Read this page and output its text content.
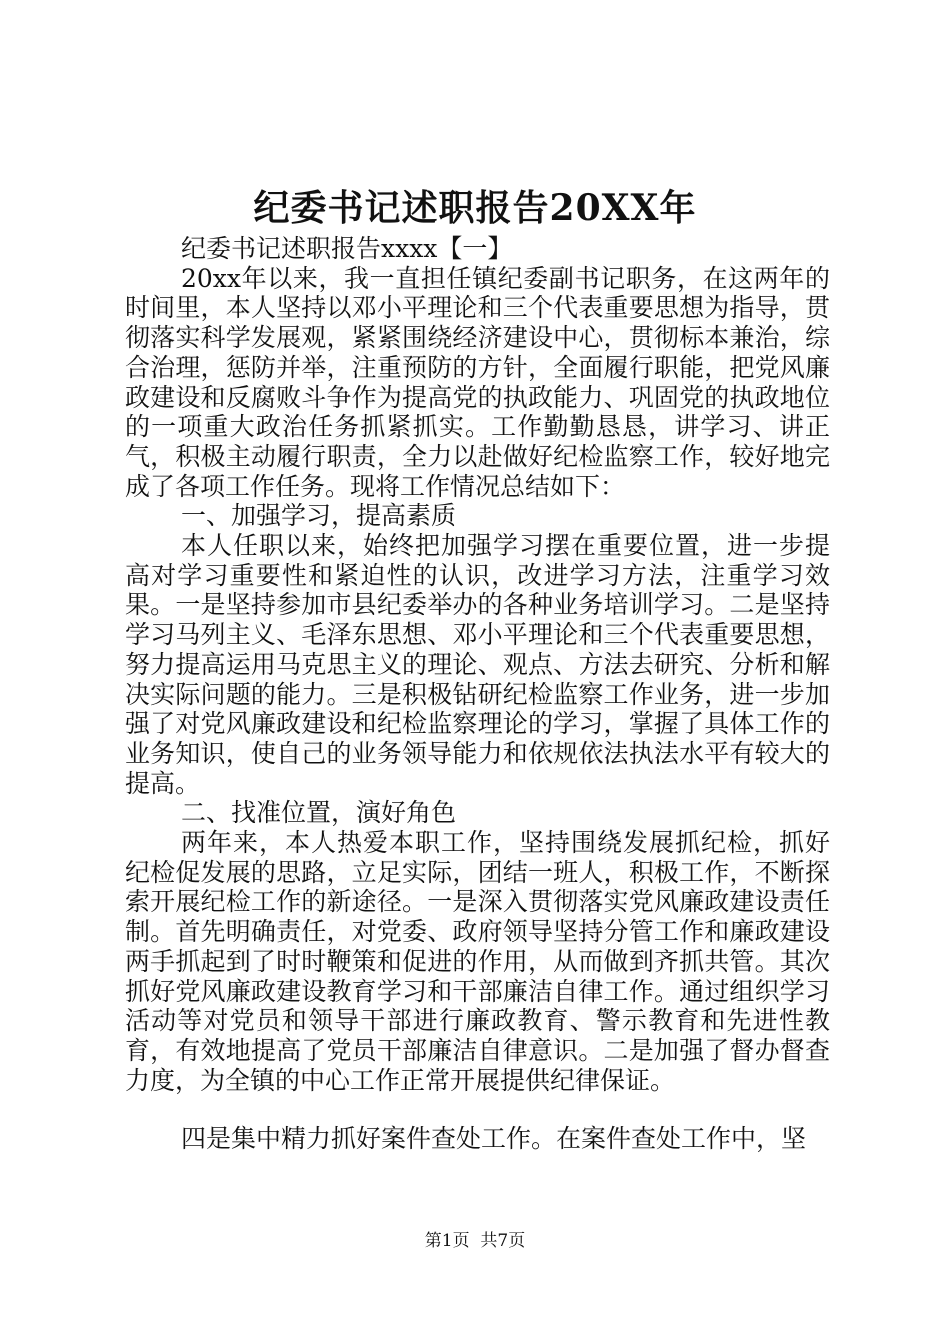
纪委书记述职报告20XX年

纪委书记述职报告xxxx【一】

20xx年以来，我一直担任镇纪委副书记职务，在这两年的时间里，本人坚持以邓小平理论和三个代表重要思想为指导，贯彻落实科学发展观，紧紧围绕经济建设中心，贯彻标本兼治，综合治理，惩防并举，注重预防的方针，全面履行职能，把党风廉政建设和反腐败斗争作为提高党的执政能力、巩固党的执政地位的一项重大政治任务抓紧抓实。工作勤勤恳恳，讲学习、讲正气，积极主动履行职责，全力以赴做好纪检监察工作，较好地完成了各项工作任务。现将工作情况总结如下：

一、加强学习，提高素质

本人任职以来，始终把加强学习摆在重要位置，进一步提高对学习重要性和紧迫性的认识，改进学习方法，注重学习效果。一是坚持参加市县纪委举办的各种业务培训学习。二是坚持学习马列主义、毛泽东思想、邓小平理论和三个代表重要思想，努力提高运用马克思主义的理论、观点、方法去研究、分析和解决实际问题的能力。三是积极钻研纪检监察工作业务，进一步加强了对党风廉政建设和纪检监察理论的学习，掌握了具体工作的业务知识，使自己的业务领导能力和依规依法执法水平有较大的提高。

二、找准位置，演好角色

两年来，本人热爱本职工作，坚持围绕发展抓纪检，抓好纪检促发展的思路，立足实际，团结一班人，积极工作，不断探索开展纪检工作的新途径。一是深入贯彻落实党风廉政建设责任制。首先明确责任，对党委、政府领导坚持分管工作和廉政建设两手抓起到了时时鞭策和促进的作用，从而做到齐抓共管。其次抓好党风廉政建设教育学习和干部廉洁自律工作。通过组织学习活动等对党员和领导干部进行廉政教育、警示教育和先进性教育，有效地提高了党员干部廉洁自律意识。二是加强了督办督查力度，为全镇的中心工作正常开展提供纪律保证。

四是集中精力抓好案件查处工作。在案件查处工作中，坚

第1页  共7页
